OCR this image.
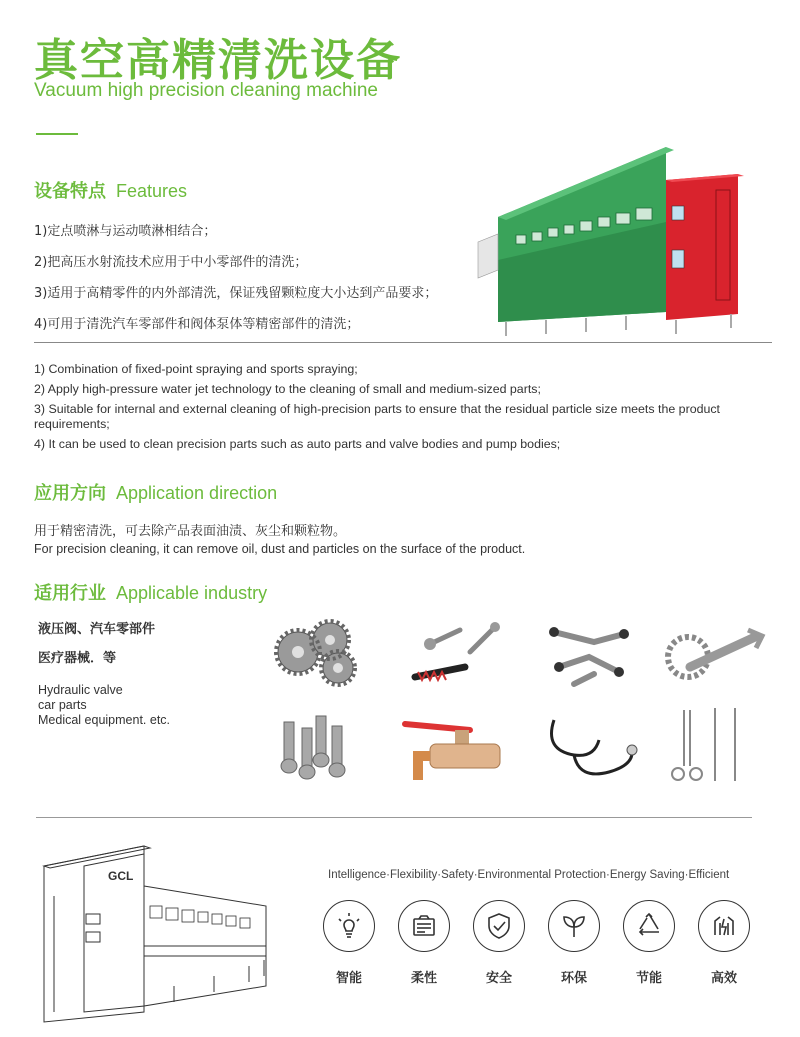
真空高精清洗设备
Vacuum high precision cleaning machine
设备特点 Features
1)定点喷淋与运动喷淋相结合；
2)把高压水射流技术应用于中小零部件的清洗；
3)适用于高精零件的内外部清洗，保证残留颗粒度大小达到产品要求；
4)可用于清洗汽车零部件和阀体泵体等精密部件的清洗；
1) Combination of fixed-point spraying and sports spraying;
2) Apply high-pressure water jet technology to the cleaning of small and medium-sized parts;
3) Suitable for internal and external cleaning of high-precision parts to ensure that the residual particle size meets the product requirements;
4) It can be used to clean precision parts such as auto parts and valve bodies and pump bodies;
应用方向 Application direction
用于精密清洗，可去除产品表面油渍、灰尘和颗粒物。
For precision cleaning, it can remove oil, dust and particles on the surface of the product.
适用行业 Applicable industry
液压阀、汽车零部件
医疗器械．等
Hydraulic valve
car parts
Medical equipment. etc.
GCL	Intelligence·Flexibility·Safety·Environmental Protection·Energy Saving·Efficient
智能	柔性	安全	环保	节能	高效
